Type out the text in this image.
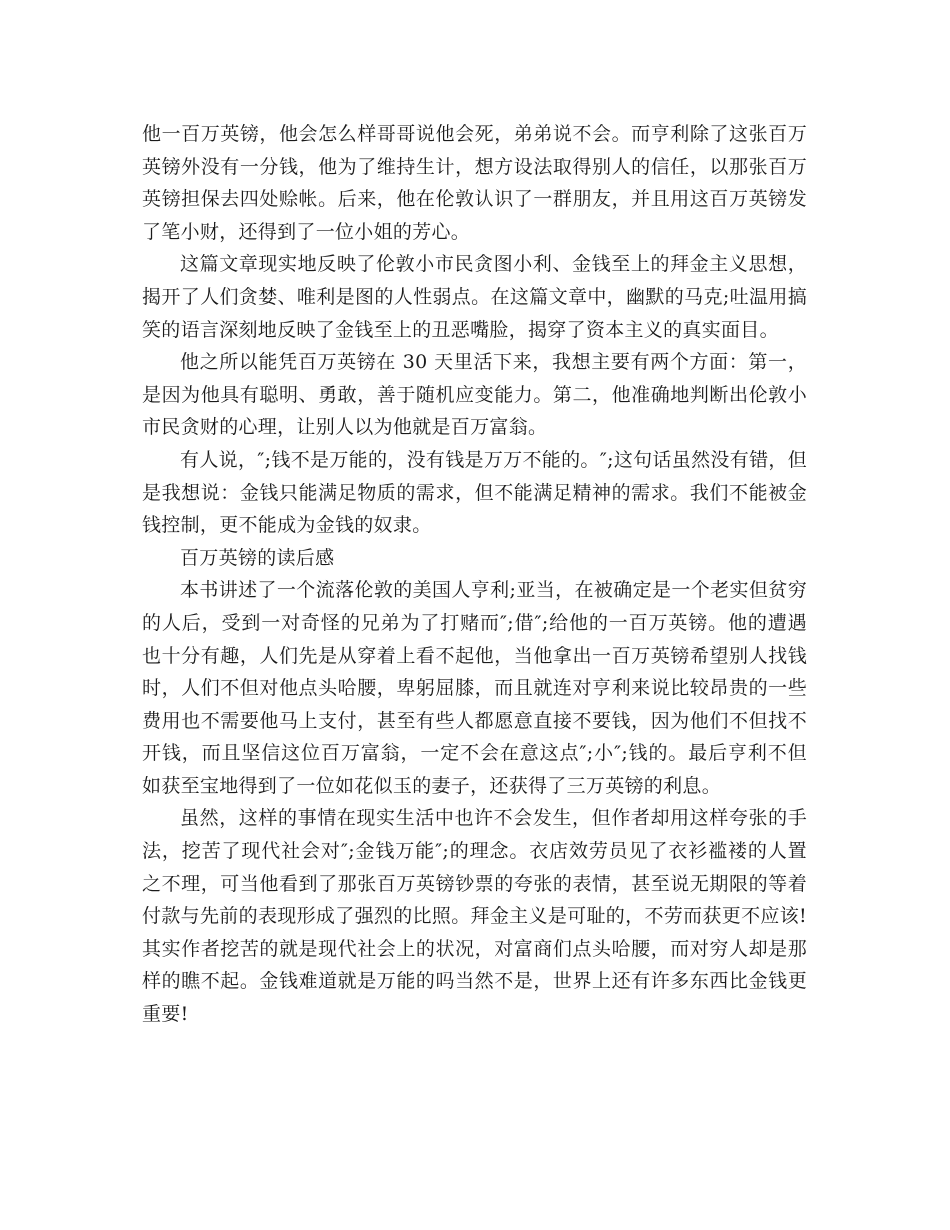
他一百万英镑，他会怎么样哥哥说他会死，弟弟说不会。而亨利除了这张百万英镑外没有一分钱，他为了维持生计，想方设法取得别人的信任，以那张百万英镑担保去四处赊帐。后来，他在伦敦认识了一群朋友，并且用这百万英镑发了笔小财，还得到了一位小姐的芳心。

这篇文章现实地反映了伦敦小市民贪图小利、金钱至上的拜金主义思想，揭开了人们贪婪、唯利是图的人性弱点。在这篇文章中，幽默的马克;吐温用搞笑的语言深刻地反映了金钱至上的丑恶嘴脸，揭穿了资本主义的真实面目。

他之所以能凭百万英镑在 30 天里活下来，我想主要有两个方面：第一，是因为他具有聪明、勇敢，善于随机应变能力。第二，他准确地判断出伦敦小市民贪财的心理，让别人以为他就是百万富翁。

有人说，″;钱不是万能的，没有钱是万万不能的。″;这句话虽然没有错，但是我想说：金钱只能满足物质的需求，但不能满足精神的需求。我们不能被金钱控制，更不能成为金钱的奴隶。

百万英镑的读后感

本书讲述了一个流落伦敦的美国人亨利;亚当，在被确定是一个老实但贫穷的人后，受到一对奇怪的兄弟为了打赌而″;借″;给他的一百万英镑。他的遭遇也十分有趣，人们先是从穿着上看不起他，当他拿出一百万英镑希望别人找钱时，人们不但对他点头哈腰，卑躬屈膝，而且就连对亨利来说比较昂贵的一些费用也不需要他马上支付，甚至有些人都愿意直接不要钱，因为他们不但找不开钱，而且坚信这位百万富翁，一定不会在意这点″;小″;钱的。最后亨利不但如获至宝地得到了一位如花似玉的妻子，还获得了三万英镑的利息。

虽然，这样的事情在现实生活中也许不会发生，但作者却用这样夸张的手法，挖苦了现代社会对″;金钱万能″;的理念。衣店效劳员见了衣衫褴褛的人置之不理，可当他看到了那张百万英镑钞票的夸张的表情，甚至说无期限的等着付款与先前的表现形成了强烈的比照。拜金主义是可耻的，不劳而获更不应该!其实作者挖苦的就是现代社会上的状况，对富商们点头哈腰，而对穷人却是那样的瞧不起。金钱难道就是万能的吗当然不是，世界上还有许多东西比金钱更重要!
